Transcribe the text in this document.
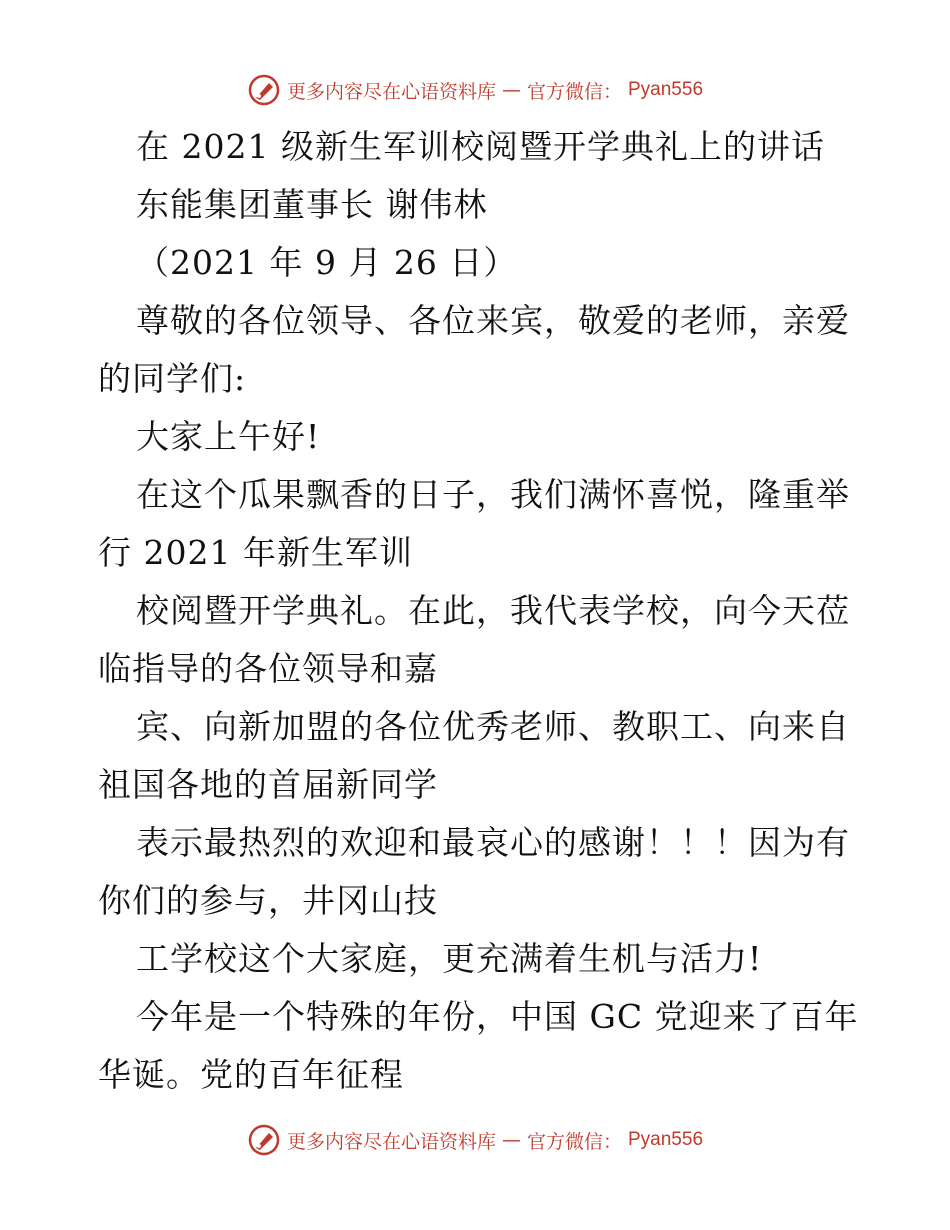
更多内容尽在心语资料库 — 官方微信： Pyan556
在 2021 级新生军训校阅暨开学典礼上的讲话
东能集团董事长 谢伟林
（2021 年 9 月 26 日）
尊敬的各位领导、各位来宾，敬爱的老师，亲爱
的同学们:
大家上午好!
在这个瓜果飘香的日子，我们满怀喜悦，隆重举
行 2021 年新生军训
校阅暨开学典礼。在此，我代表学校，向今天莅
临指导的各位领导和嘉
宾、向新加盟的各位优秀老师、教职工、向来自
祖国各地的首届新同学
表示最热烈的欢迎和最哀心的感谢！！！因为有
你们的参与，井冈山技
工学校这个大家庭，更充满着生机与活力!
今年是一个特殊的年份，中国 GC 党迎来了百年
华诞。党的百年征程
更多内容尽在心语资料库 — 官方微信： Pyan556
